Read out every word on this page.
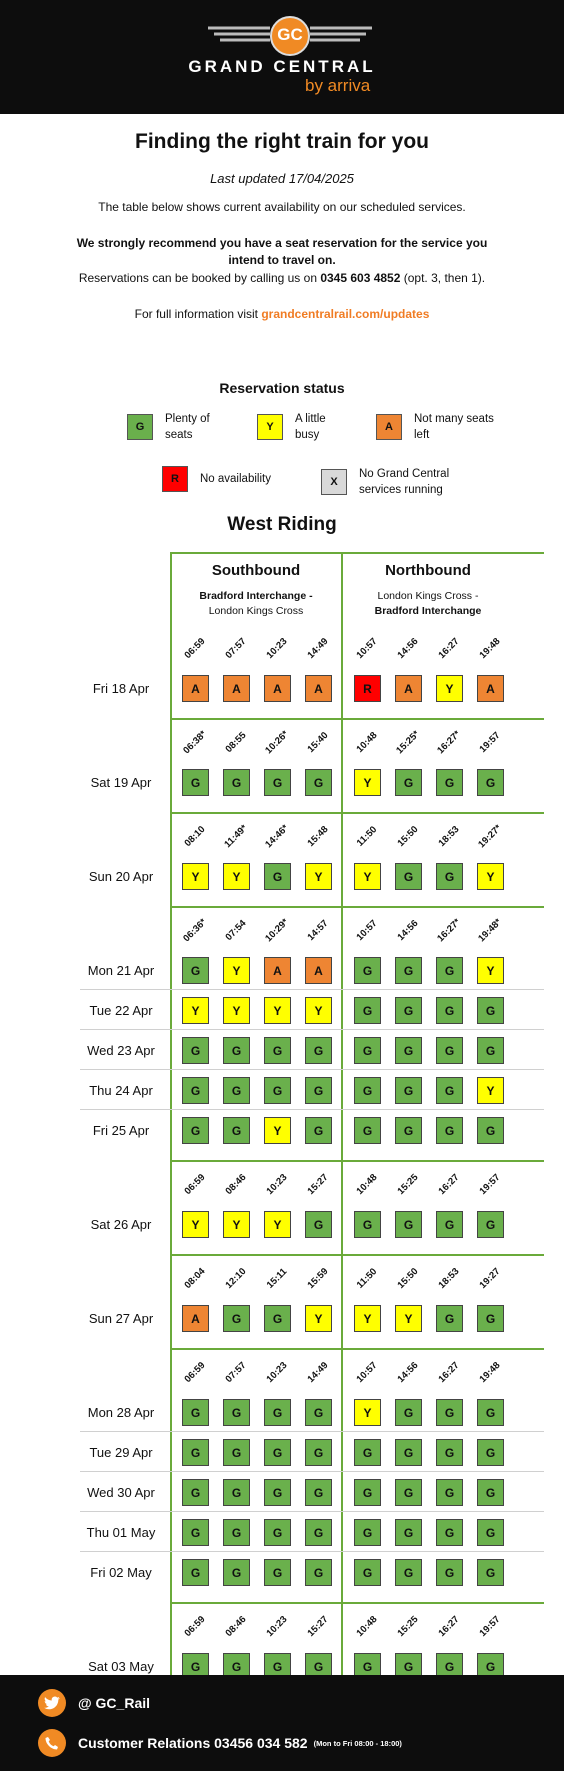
GC
GRAND CENTRAL
by arriva
Finding the right train for you
Last updated 17/04/2025
The table below shows current availability on our scheduled services.
We strongly recommend you have a seat reservation for the service you
intend to travel on.
Reservations can be booked by calling us on 0345 603 4852 (opt. 3, then 1).
For full information visit grandcentralrail.com/updates
Reservation status
G
Plenty of
seats
Y
A little
busy
A
Not many seats
left
R	No availability	X
No Grand Central
services running
West Riding
Southbound
Bradford Interchange -
London Kings Cross
Northbound
London Kings Cross -
Bradford Interchange
06:59	07:57	10:23	14:49	10:57	14:56	16:27	19:48
Fri 18 Apr	A	A	A	A	R	A	Y	A
06:38*	08:55	10:26*	15:40	10:48	15:25*	16:27*	19:57
Sat 19 Apr	G	G	G	G	Y	G	G	G
08:10	11:49*	14:46*	15:48	11:50	15:50	18:53	19:27*
Sun 20 Apr	Y	Y	G	Y	Y	G	G	Y
06:36*	07:54	10:29*	14:57	10:57	14:56	16:27*	19:48*
Mon 21 Apr	G	Y	A	A	G	G	G	Y
Tue 22 Apr	Y	Y	Y	Y	G	G	G	G
Wed 23 Apr	G	G	G	G	G	G	G	G
Thu 24 Apr	G	G	G	G	G	G	G	Y
Fri 25 Apr	G	G	Y	G	G	G	G	G
06:59	08:46	10:23	15:27	10:48	15:25	16:27	19:57
Sat 26 Apr	Y	Y	Y	G	G	G	G	G
08:04	12:10	15:11	15:59	11:50	15:50	18:53	19:27
Sun 27 Apr	A	G	G	Y	Y	Y	G	G
06:59	07:57	10:23	14:49	10:57	14:56	16:27	19:48
Mon 28 Apr	G	G	G	G	Y	G	G	G
Tue 29 Apr	G	G	G	G	G	G	G	G
Wed 30 Apr	G	G	G	G	G	G	G	G
Thu 01 May	G	G	G	G	G	G	G	G
Fri 02 May	G	G	G	G	G	G	G	G
06:59	08:46	10:23	15:27	10:48	15:25	16:27	19:57
Sat 03 May	G	G	G	G	G	G	G	G
@ GC_Rail
Customer Relations 03456 034 582 (Mon to Fri 08:00 - 18:00)
